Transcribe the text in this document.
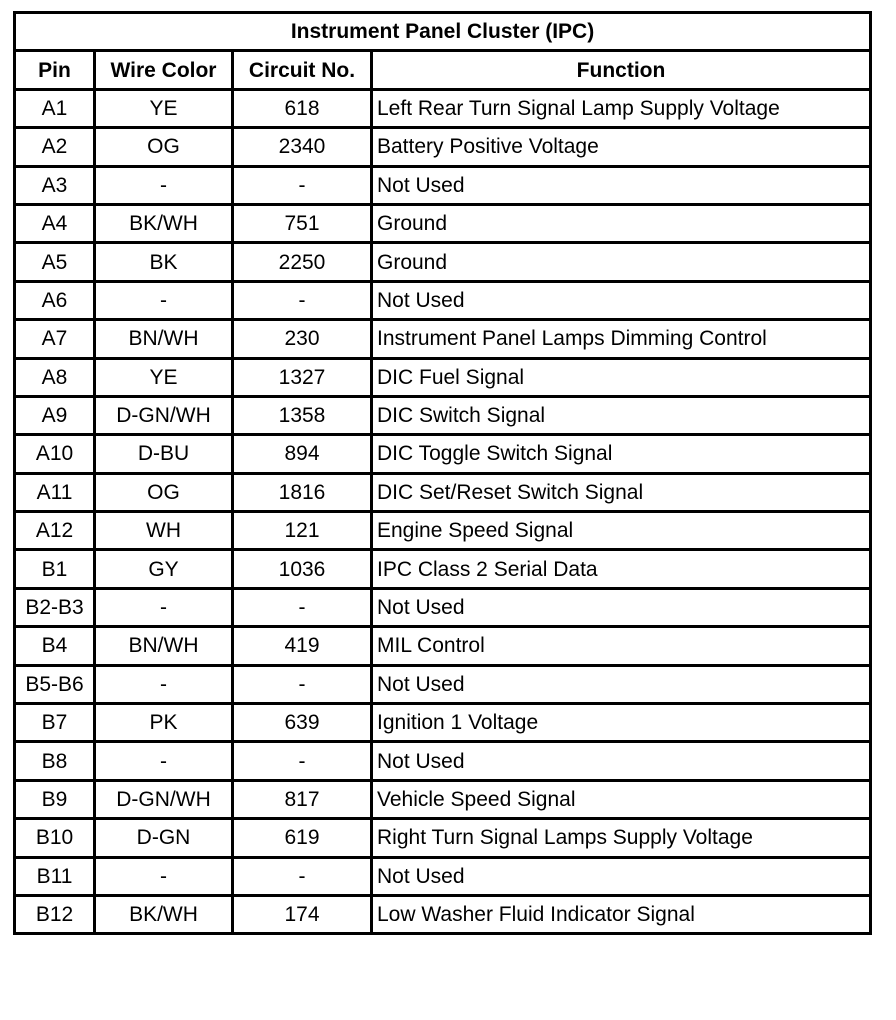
Instrument Panel Cluster (IPC)			
Pin	Wire Color	Circuit No.	Function
A1	YE	618	Left Rear Turn Signal Lamp Supply Voltage
A2	OG	2340	Battery Positive Voltage
A3	-	-	Not Used
A4	BK/WH	751	Ground
A5	BK	2250	Ground
A6	-	-	Not Used
A7	BN/WH	230	Instrument Panel Lamps Dimming Control
A8	YE	1327	DIC Fuel Signal
A9	D-GN/WH	1358	DIC Switch Signal
A10	D-BU	894	DIC Toggle Switch Signal
A11	OG	1816	DIC Set/Reset Switch Signal
A12	WH	121	Engine Speed Signal
B1	GY	1036	IPC Class 2 Serial Data
B2-B3	-	-	Not Used
B4	BN/WH	419	MIL Control
B5-B6	-	-	Not Used
B7	PK	639	Ignition 1 Voltage
B8	-	-	Not Used
B9	D-GN/WH	817	Vehicle Speed Signal
B10	D-GN	619	Right Turn Signal Lamps Supply Voltage
B11	-	-	Not Used
B12	BK/WH	174	Low Washer Fluid Indicator Signal
